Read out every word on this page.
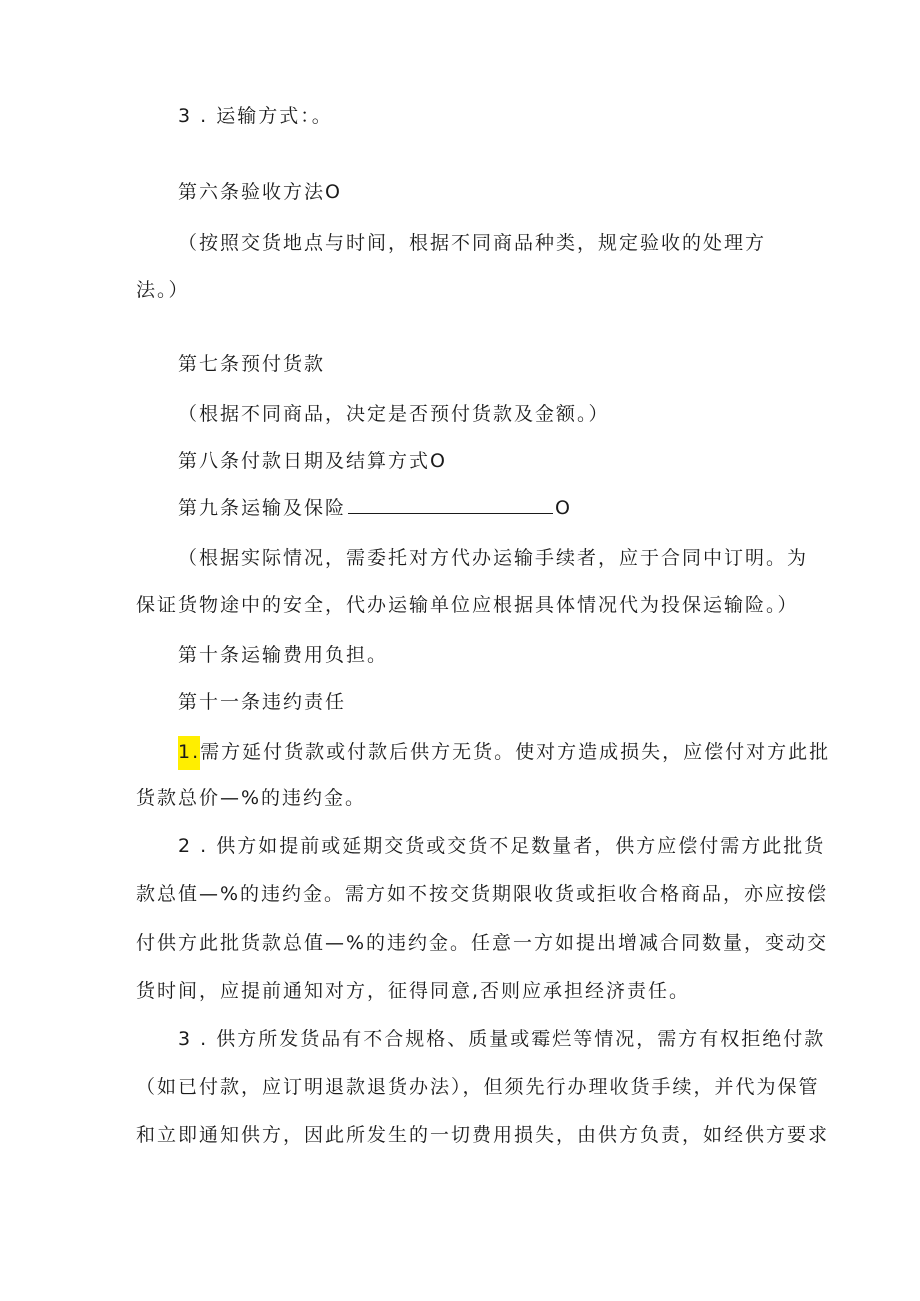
3 . 运输方式：。
第六条验收方法O
（按照交货地点与时间，根据不同商品种类，规定验收的处理方
法。）
第七条预付货款
（根据不同商品，决定是否预付货款及金额。）
第八条付款日期及结算方式O
第九条运输及保险	O
（根据实际情况，需委托对方代办运输手续者，应于合同中订明。为
保证货物途中的安全，代办运输单位应根据具体情况代为投保运输险。）
第十条运输费用负担。
第十一条违约责任
1.需方延付货款或付款后供方无货。使对方造成损失，应偿付对方此批
货款总价—%的违约金。
2 . 供方如提前或延期交货或交货不足数量者，供方应偿付需方此批货
款总值—%的违约金。需方如不按交货期限收货或拒收合格商品，亦应按偿
付供方此批货款总值—%的违约金。任意一方如提出增减合同数量，变动交
货时间，应提前通知对方，征得同意,否则应承担经济责任。
3 . 供方所发货品有不合规格、质量或霉烂等情况，需方有权拒绝付款
（如已付款，应订明退款退货办法），但须先行办理收货手续，并代为保管
和立即通知供方，因此所发生的一切费用损失，由供方负责，如经供方要求
